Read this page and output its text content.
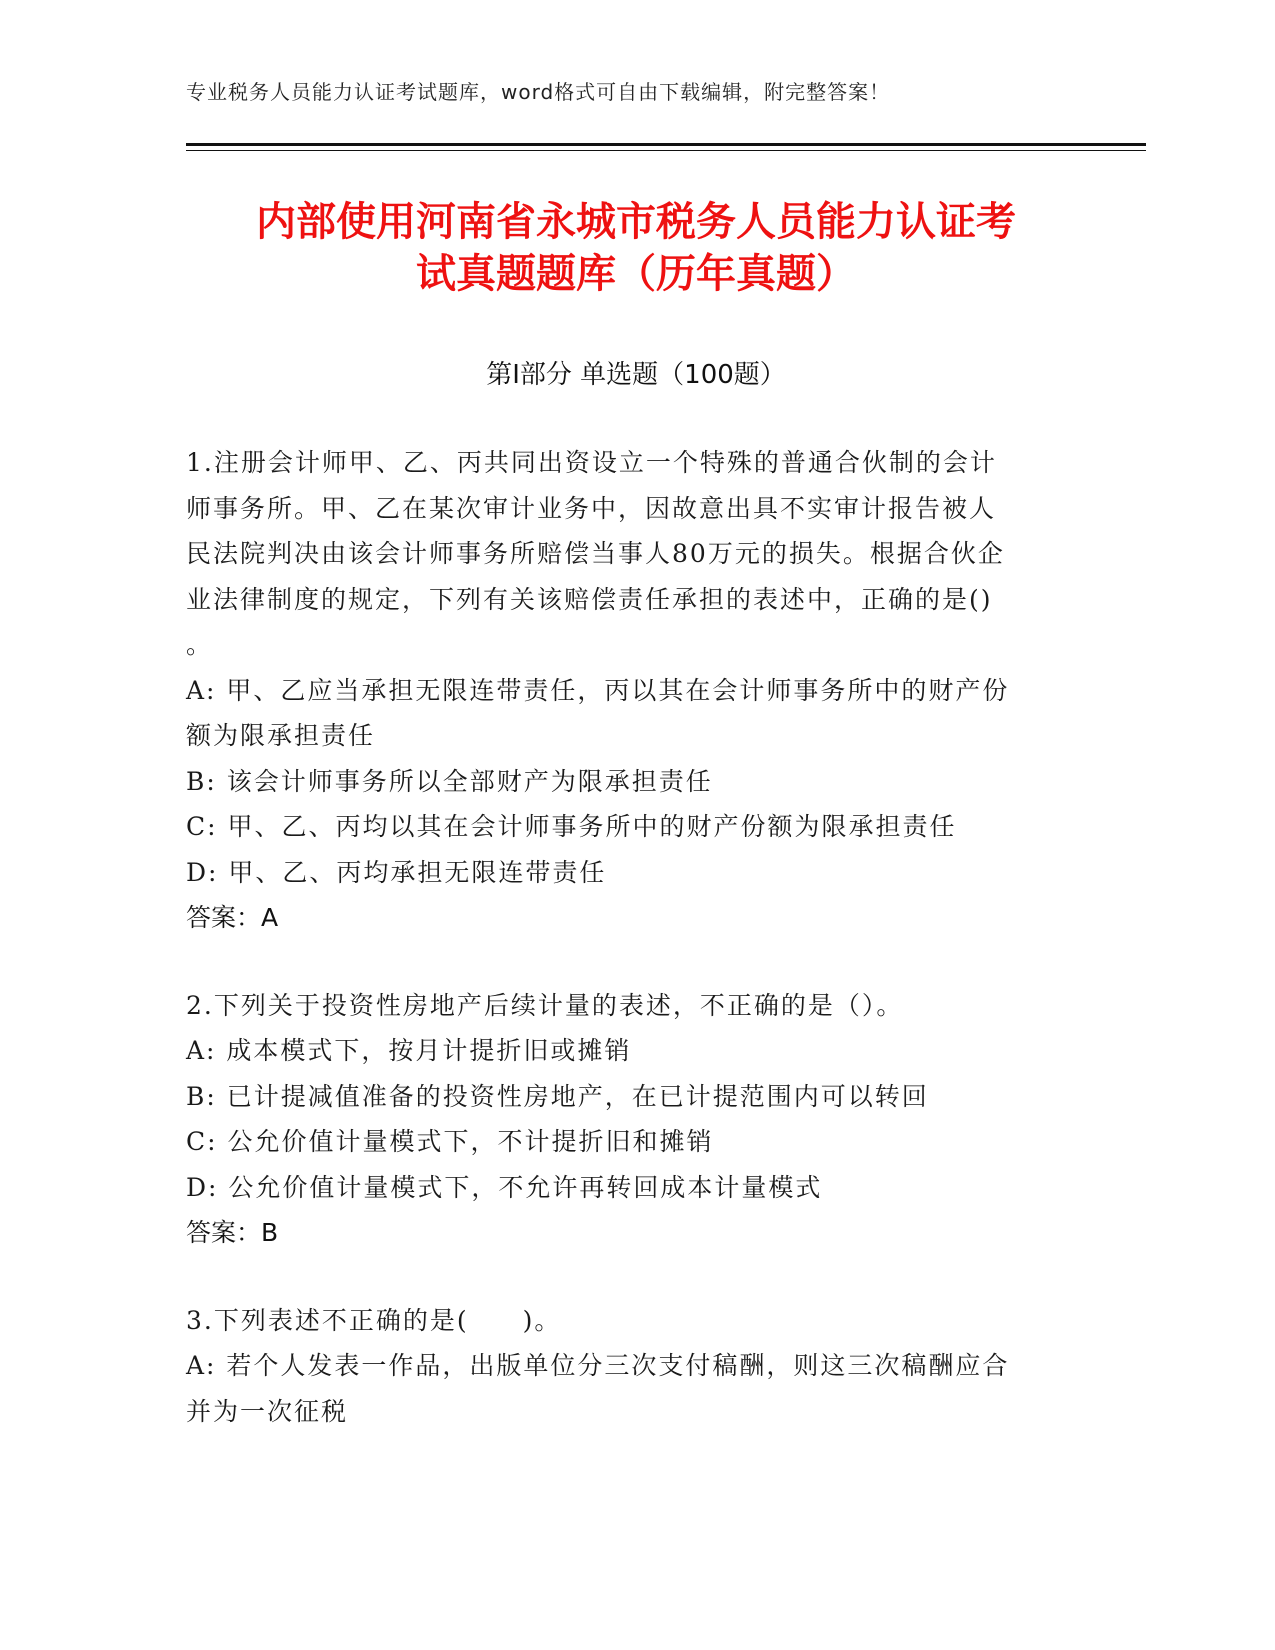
专业税务人员能力认证考试题库，word格式可自由下载编辑，附完整答案！
内部使用河南省永城市税务人员能力认证考
试真题题库（历年真题）
第Ⅰ部分 单选题（100题）

1.注册会计师甲、乙、丙共同出资设立一个特殊的普通合伙制的会计

师事务所。甲、乙在某次审计业务中，因故意出具不实审计报告被人

民法院判决由该会计师事务所赔偿当事人80万元的损失。根据合伙企

业法律制度的规定，下列有关该赔偿责任承担的表述中，正确的是()

。

A: 甲、乙应当承担无限连带责任，丙以其在会计师事务所中的财产份

额为限承担责任

B: 该会计师事务所以全部财产为限承担责任

C: 甲、乙、丙均以其在会计师事务所中的财产份额为限承担责任

D: 甲、乙、丙均承担无限连带责任

答案：A

2.下列关于投资性房地产后续计量的表述，不正确的是（）。

A: 成本模式下，按月计提折旧或摊销

B: 已计提减值准备的投资性房地产，在已计提范围内可以转回

C: 公允价值计量模式下，不计提折旧和摊销

D: 公允价值计量模式下，不允许再转回成本计量模式

答案：B

3.下列表述不正确的是(　　)。

A: 若个人发表一作品，出版单位分三次支付稿酬，则这三次稿酬应合

并为一次征税
